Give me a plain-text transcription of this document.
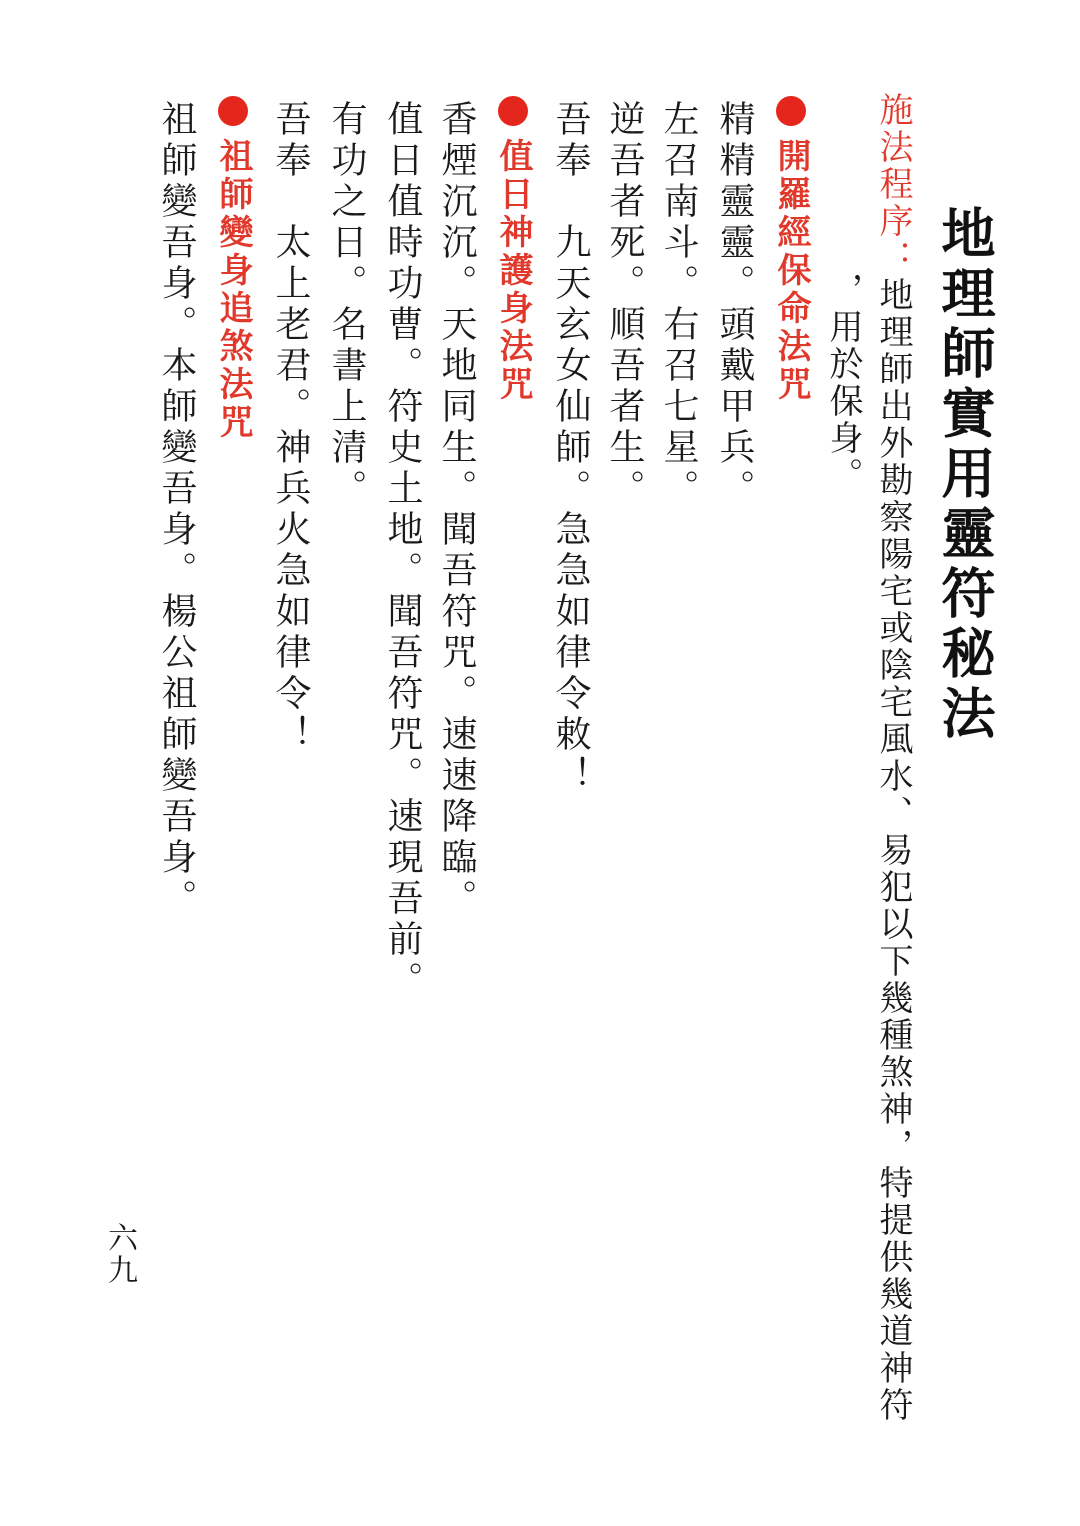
地理師實用靈符秘法
施法程序：地理師出外勘察陽宅或陰宅風水、易犯以下幾種煞神，特提供幾道神符
，用於保身。
開羅經保命法咒
精精靈靈。頭戴甲兵。
左召南斗。右召七星。
逆吾者死。順吾者生。
吾奉　九天玄女仙師。急急如律令敕！
值日神護身法咒
香煙沉沉。天地同生。聞吾符咒。速速降臨。
值日值時功曹。符史土地。聞吾符咒。速現吾前。
有功之日。名書上清。
吾奉　太上老君。神兵火急如律令！
祖師變身追煞法咒
祖師變吾身。本師變吾身。楊公祖師變吾身。
六九
